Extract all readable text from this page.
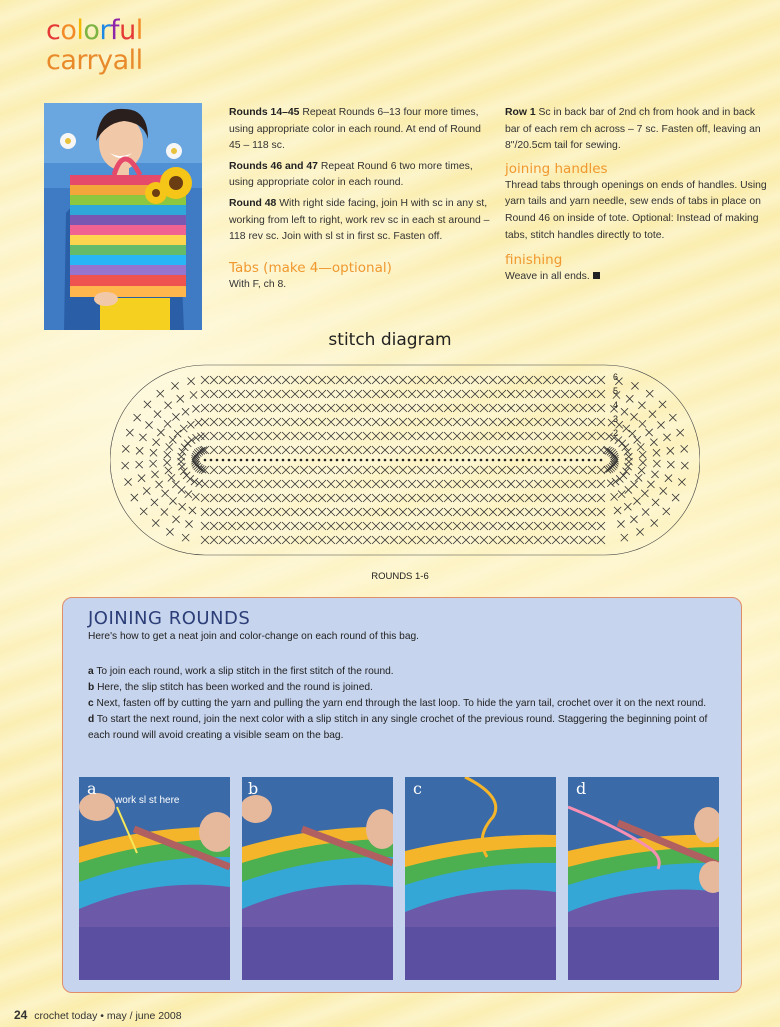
colorful
carryall

Rounds 14–45 Repeat Rounds 6–13 four more times, using appropriate color in each round. At end of Round 45 – 118 sc.

Rounds 46 and 47 Repeat Round 6 two more times, using appropriate color in each round.

Round 48 With right side facing, join H with sc in any st, working from left to right, work rev sc in each st around – 118 rev sc. Join with sl st in first sc. Fasten off.

Tabs (make 4—optional)
With F, ch 8.

Row 1 Sc in back bar of 2nd ch from hook and in back bar of each rem ch across – 7 sc. Fasten off, leaving an 8"/20.5cm tail for sewing.

joining handles

Thread tabs through openings on ends of handles. Using yarn tails and yarn needle, sew ends of tabs in place on Round 46 on inside of tote. Optional: Instead of making tabs, stitch handles directly to tote.

finishing
Weave in all ends.
stitch diagram
6
5
4
3
2
ROUNDS 1-6
JOINING ROUNDS
Here's how to get a neat join and color-change on each round of this bag.
a To join each round, work a slip stitch in the first stitch of the round.
b Here, the slip stitch has been worked and the round is joined.
c Next, fasten off by cutting the yarn and pulling the yarn end through the last loop. To hide the yarn tail, crochet over it on the next round.
d To start the next round, join the next color with a slip stitch in any single crochet of the previous round. Staggering the beginning point of each round will avoid creating a visible seam on the bag.
a
work sl st here
b	c	d
24 crochet today • may / june 2008
